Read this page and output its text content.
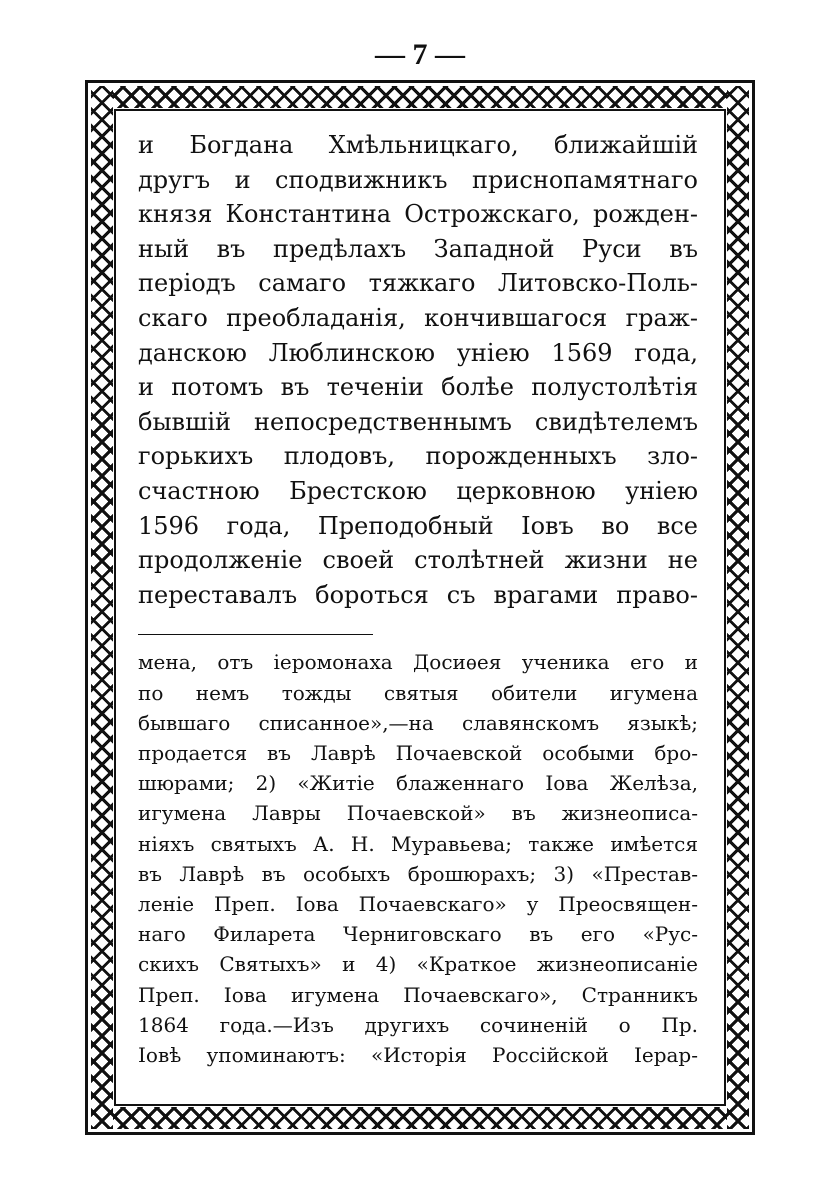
— 7 —

и Богдана Хмѣльницкаго, ближайшій

другъ и сподвижникъ приснопамятнаго

князя Константина Острожскаго, рожден-

ный въ предѣлахъ Западной Руси въ

періодъ самаго тяжкаго Литовско-Поль-

скаго преобладанія, кончившагося граж-

данскою Люблинскою уніею 1569 года,

и потомъ въ теченіи болѣе полустолѣтія

бывшій непосредственнымъ свидѣтелемъ

горькихъ плодовъ, порожденныхъ зло-

счастною Брестскою церковною уніею

1596 года, Преподобный Іовъ во все

продолженіе своей столѣтней жизни не

переставалъ бороться съ врагами право-

мена, отъ іеромонаха Досиѳея ученика его и

по немъ тожды святыя обители игумена

бывшаго списанное»,—на славянскомъ языкѣ;

продается въ Лаврѣ Почаевской особыми бро-

шюрами; 2) «Житіе блаженнаго Іова Желѣза,

игумена Лавры Почаевской» въ жизнеописа-

ніяхъ святыхъ А. Н. Муравьева; также имѣется

въ Лаврѣ въ особыхъ брошюрахъ; 3) «Престав-

леніе Преп. Іова Почаевскаго» у Преосвящен-

наго Филарета Черниговскаго въ его «Рус-

скихъ Святыхъ» и 4) «Краткое жизнеописаніе

Преп. Іова игумена Почаевскаго», Странникъ

1864 года.—Изъ другихъ сочиненій о Пр.

Іовѣ упоминаютъ: «Исторія Россійской Іерар-
